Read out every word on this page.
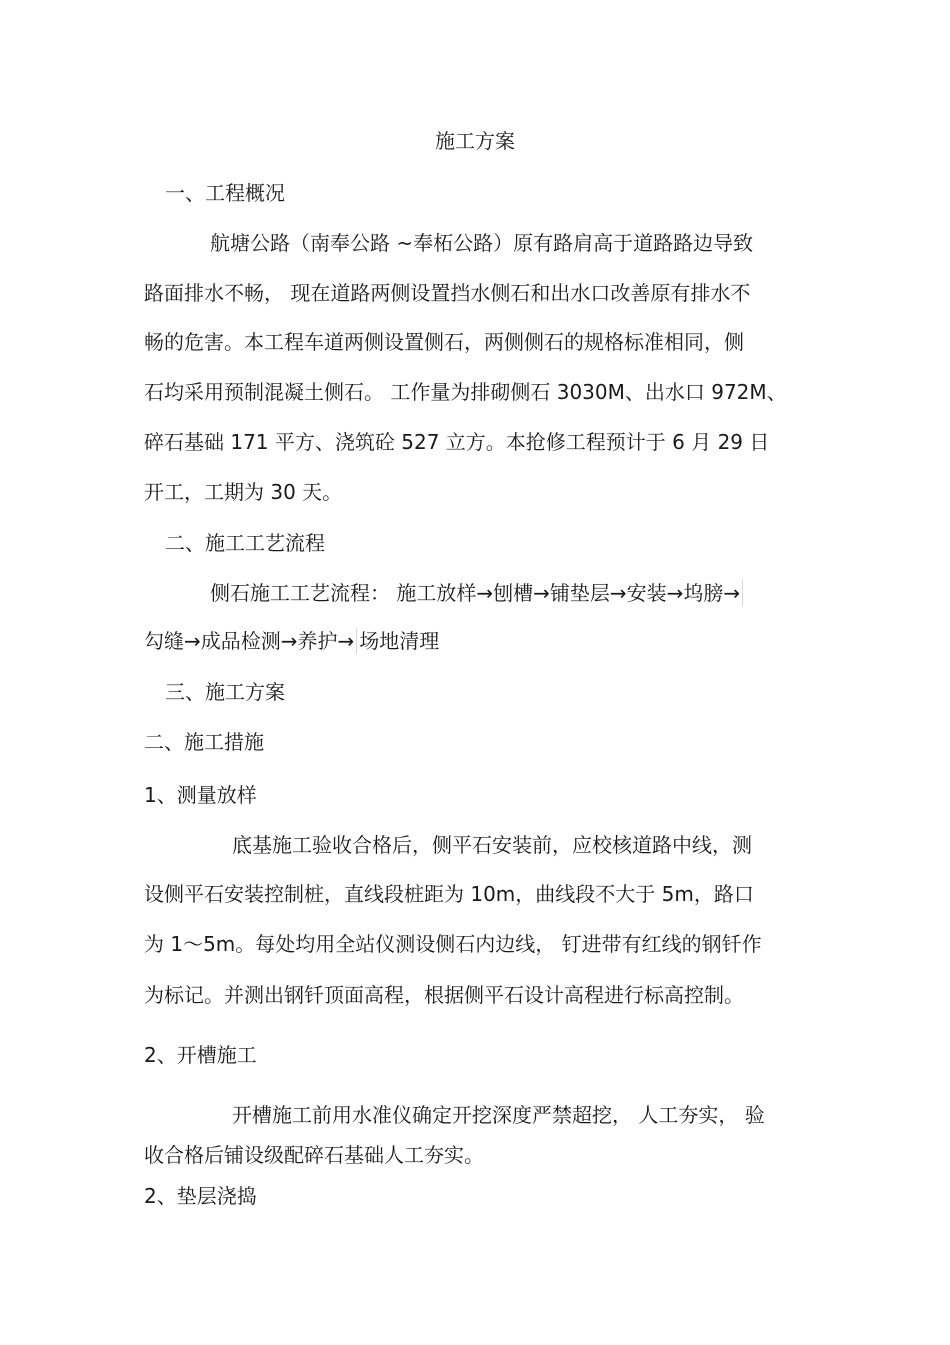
施工方案
一、工程概况
航塘公路（南奉公路 ~奉柘公路）原有路肩高于道路路边导致
路面排水不畅， 现在道路两侧设置挡水侧石和出水口改善原有排水不
畅的危害。本工程车道两侧设置侧石，两侧侧石的规格标准相同，侧
石均采用预制混凝土侧石。 工作量为排砌侧石 3030M、出水口 972M、
碎石基础 171 平方、浇筑砼 527 立方。本抢修工程预计于 6 月 29 日
开工，工期为 30 天。
二、施工工艺流程
侧石施工工艺流程： 施工放样→刨槽→铺垫层→安装→坞膀→
勾缝→成品检测→养护→ 场地清理
三、施工方案
二、施工措施
1、测量放样
底基施工验收合格后，侧平石安装前，应校核道路中线，测
设侧平石安装控制桩，直线段桩距为 10m，曲线段不大于 5m，路口
为 1～5m。每处均用全站仪测设侧石内边线， 钉进带有红线的钢钎作
为标记。并测出钢钎顶面高程，根据侧平石设计高程进行标高控制。
2、开槽施工
开槽施工前用水准仪确定开挖深度严禁超挖， 人工夯实， 验
收合格后铺设级配碎石基础人工夯实。
2、垫层浇捣
